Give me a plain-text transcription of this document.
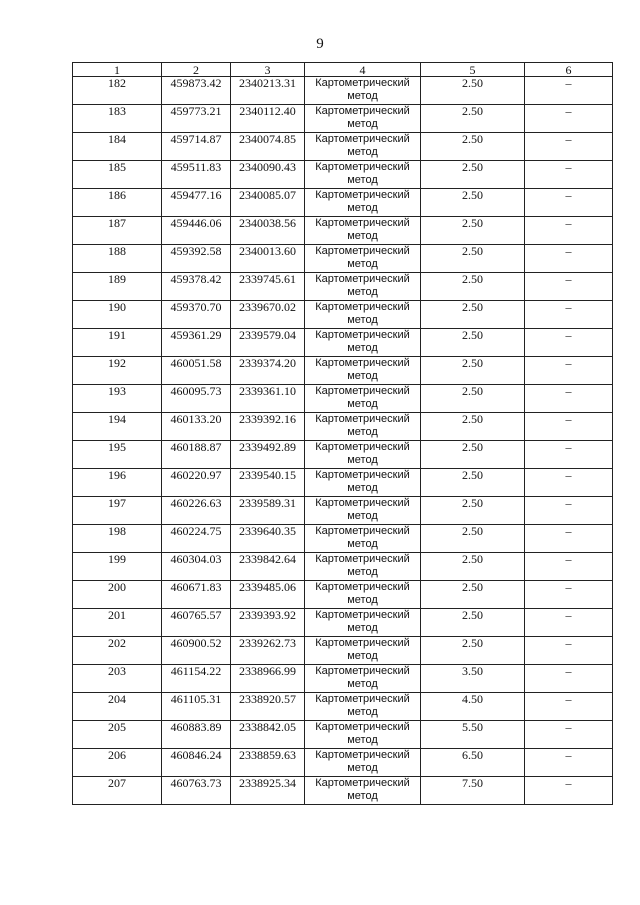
9
1	2	3	4	5	6
182	459873.42	2340213.31	Картометрический метод	2.50	–
183	459773.21	2340112.40	Картометрический метод	2.50	–
184	459714.87	2340074.85	Картометрический метод	2.50	–
185	459511.83	2340090.43	Картометрический метод	2.50	–
186	459477.16	2340085.07	Картометрический метод	2.50	–
187	459446.06	2340038.56	Картометрический метод	2.50	–
188	459392.58	2340013.60	Картометрический метод	2.50	–
189	459378.42	2339745.61	Картометрический метод	2.50	–
190	459370.70	2339670.02	Картометрический метод	2.50	–
191	459361.29	2339579.04	Картометрический метод	2.50	–
192	460051.58	2339374.20	Картометрический метод	2.50	–
193	460095.73	2339361.10	Картометрический метод	2.50	–
194	460133.20	2339392.16	Картометрический метод	2.50	–
195	460188.87	2339492.89	Картометрический метод	2.50	–
196	460220.97	2339540.15	Картометрический метод	2.50	–
197	460226.63	2339589.31	Картометрический метод	2.50	–
198	460224.75	2339640.35	Картометрический метод	2.50	–
199	460304.03	2339842.64	Картометрический метод	2.50	–
200	460671.83	2339485.06	Картометрический метод	2.50	–
201	460765.57	2339393.92	Картометрический метод	2.50	–
202	460900.52	2339262.73	Картометрический метод	2.50	–
203	461154.22	2338966.99	Картометрический метод	3.50	–
204	461105.31	2338920.57	Картометрический метод	4.50	–
205	460883.89	2338842.05	Картометрический метод	5.50	–
206	460846.24	2338859.63	Картометрический метод	6.50	–
207	460763.73	2338925.34	Картометрический метод	7.50	–
